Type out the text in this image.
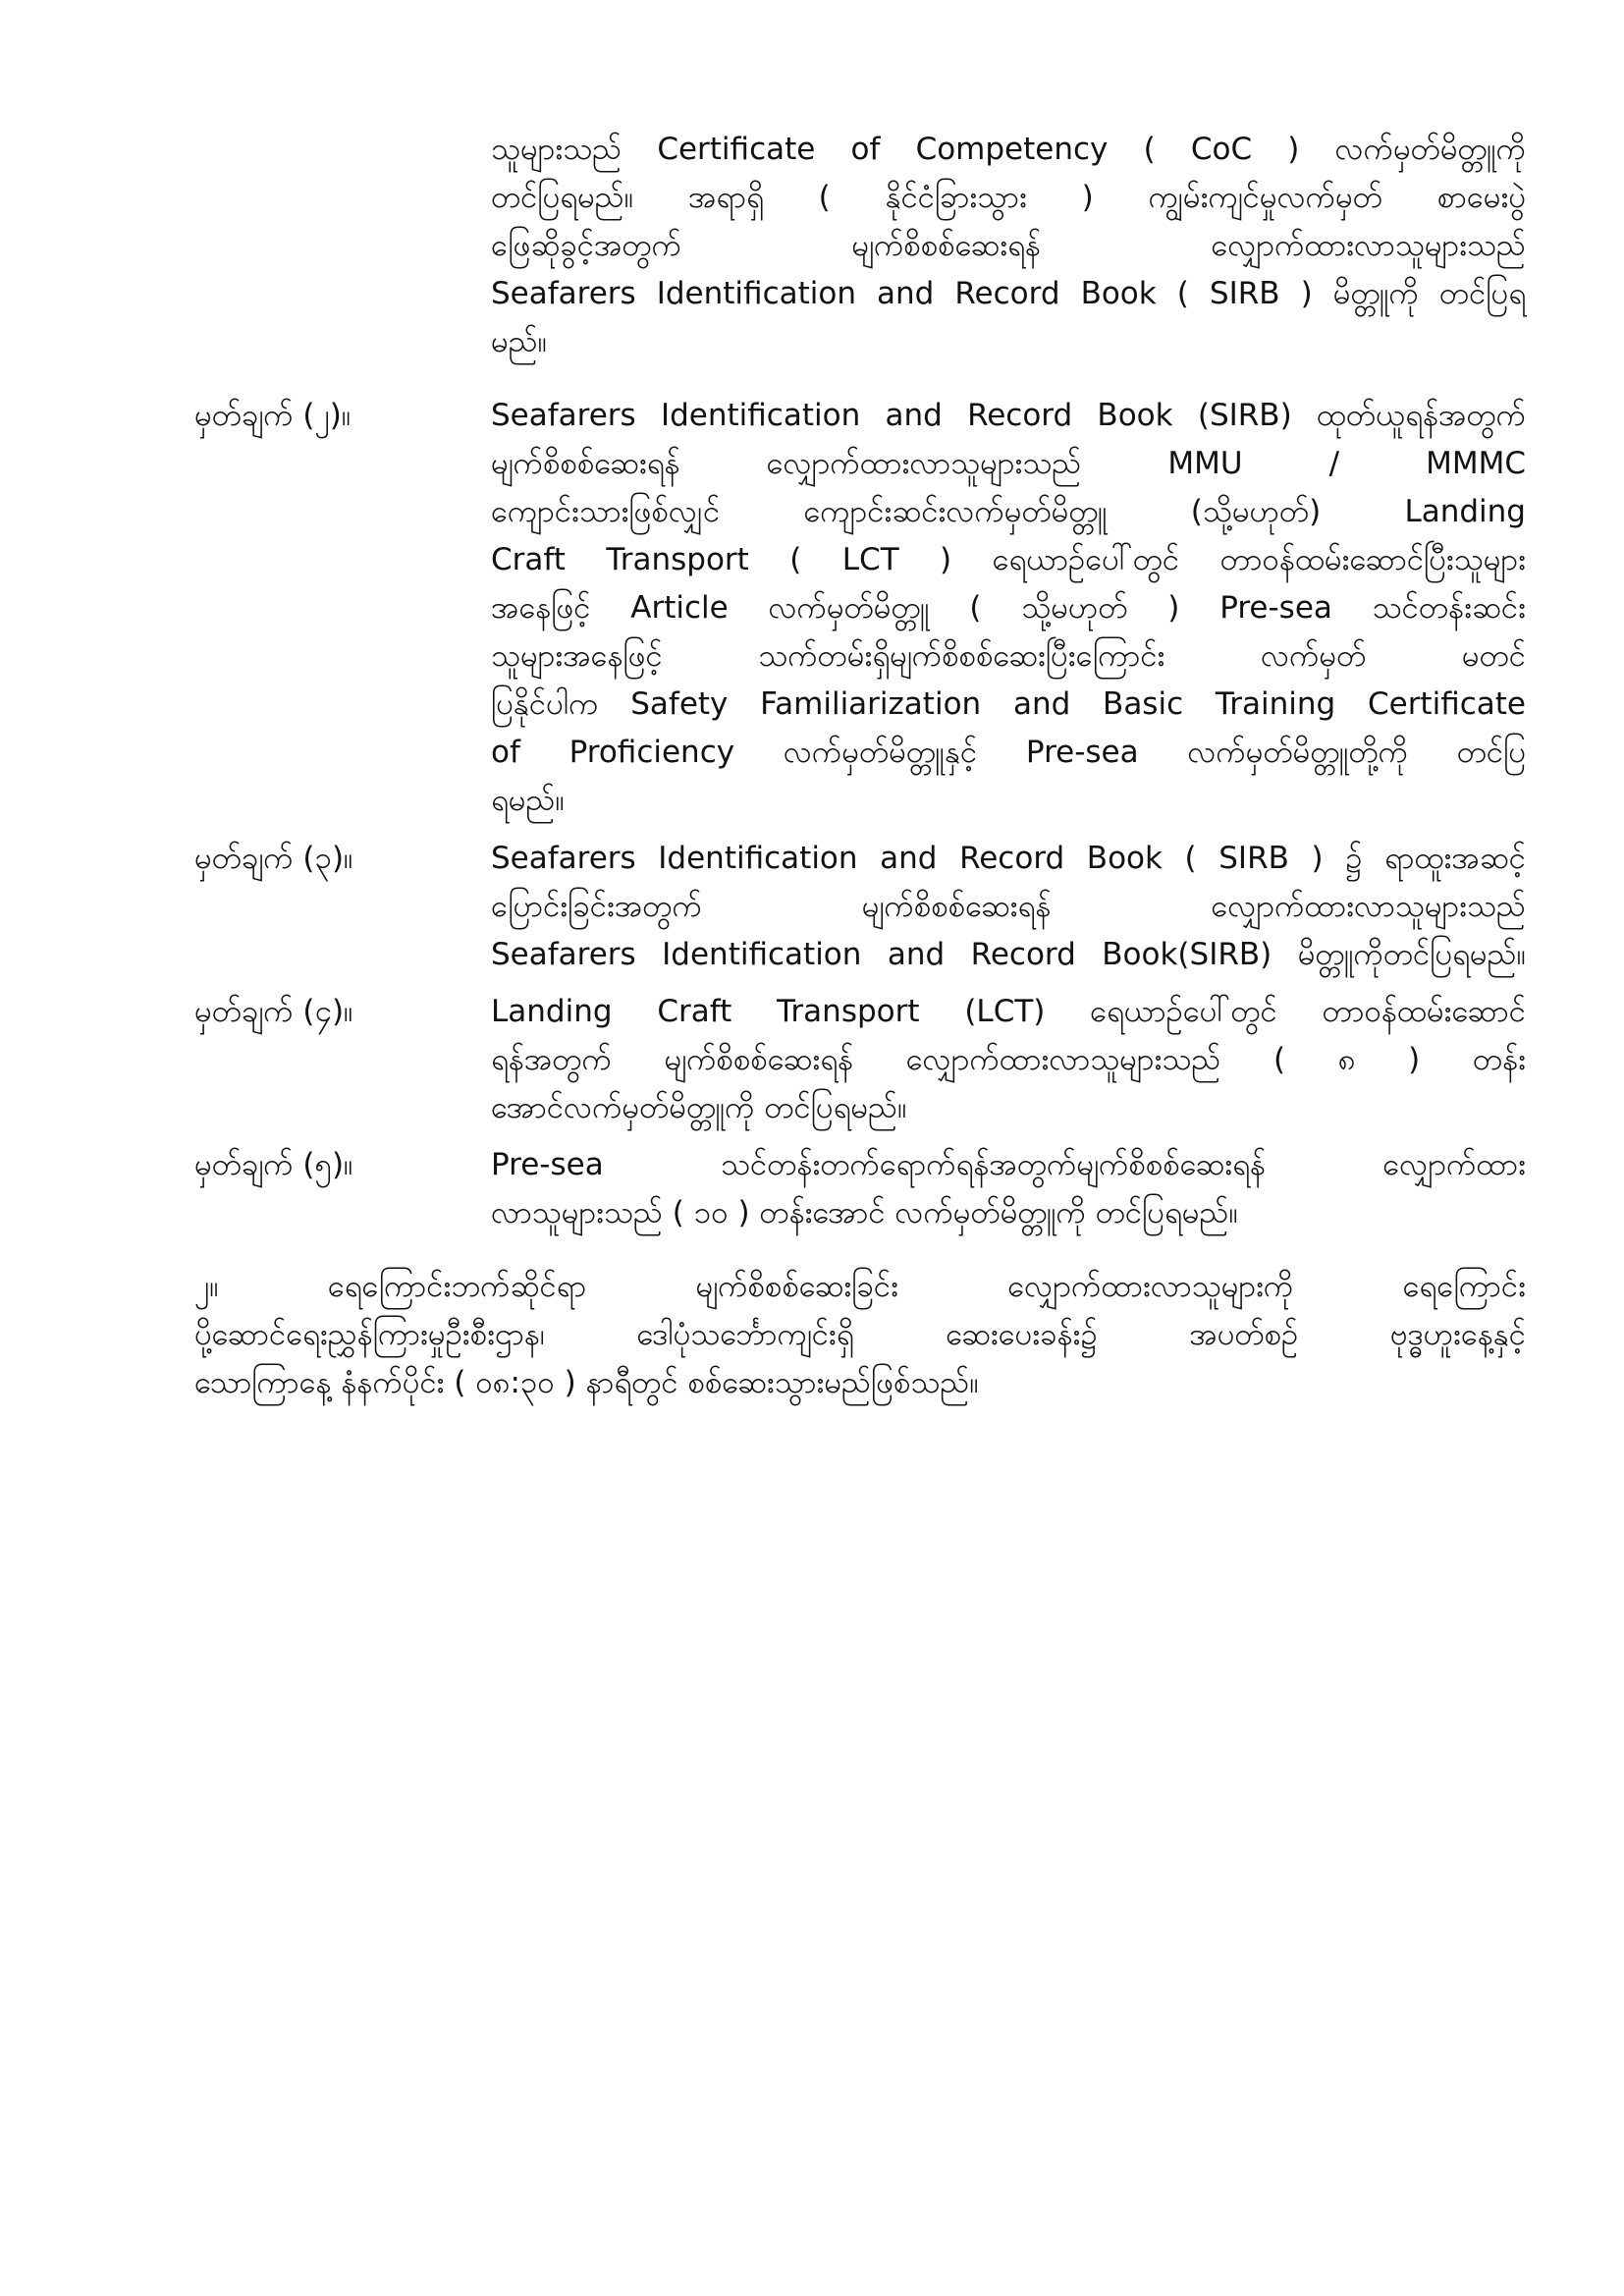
သူများသည် Certificate of Competency ( CoC ) လက်မှတ်မိတ္တူကို
တင်ပြရမည်။ အရာရှိ ( နိုင်ငံခြားသွား ) ကျွမ်းကျင်မှုလက်မှတ် စာမေးပွဲ
ဖြေဆိုခွင့်အတွက် မျက်စိစစ်ဆေးရန် လျှောက်ထားလာသူများသည်
Seafarers Identification and Record Book ( SIRB ) မိတ္တူကို တင်ပြရ
မည်။
မှတ်ချက် (၂)။	Seafarers Identification and Record Book (SIRB) ထုတ်ယူရန်အတွက်
မျက်စိစစ်ဆေးရန် လျှောက်ထားလာသူများသည် MMU / MMMC
ကျောင်းသားဖြစ်လျှင် ကျောင်းဆင်းလက်မှတ်မိတ္တူ (သို့မဟုတ်) Landing
Craft Transport ( LCT ) ရေယာဉ်ပေါ်တွင် တာဝန်ထမ်းဆောင်ပြီးသူများ
အနေဖြင့် Article လက်မှတ်မိတ္တူ ( သို့မဟုတ် ) Pre-sea သင်တန်းဆင်း
သူများအနေဖြင့် သက်တမ်းရှိမျက်စိစစ်ဆေးပြီးကြောင်း လက်မှတ် မတင်
ပြနိုင်ပါက Safety Familiarization and Basic Training Certificate
of Proficiency လက်မှတ်မိတ္တူနှင့် Pre-sea လက်မှတ်မိတ္တူတို့ကို တင်ပြ
ရမည်။
မှတ်ချက် (၃)။	Seafarers Identification and Record Book ( SIRB ) ၌ ရာထူးအဆင့်
ပြောင်းခြင်းအတွက် မျက်စိစစ်ဆေးရန် လျှောက်ထားလာသူများသည်
Seafarers Identification and Record Book(SIRB) မိတ္တူကိုတင်ပြရမည်။
မှတ်ချက် (၄)။	Landing Craft Transport (LCT) ရေယာဉ်ပေါ်တွင် တာဝန်ထမ်းဆောင်
ရန်အတွက် မျက်စိစစ်ဆေးရန် လျှောက်ထားလာသူများသည် ( ၈ ) တန်း
အောင်လက်မှတ်မိတ္တူကို တင်ပြရမည်။
မှတ်ချက် (၅)။	Pre-sea သင်တန်းတက်ရောက်ရန်အတွက်မျက်စိစစ်ဆေးရန် လျှောက်ထား
လာသူများသည် ( ၁၀ ) တန်းအောင် လက်မှတ်မိတ္တူကို တင်ပြရမည်။
၂။ ရေကြောင်းဘက်ဆိုင်ရာ မျက်စိစစ်ဆေးခြင်း လျှောက်ထားလာသူများကို ရေကြောင်း
ပို့ဆောင်ရေးညွှန်ကြားမှုဦးစီးဌာန၊ ဒေါပုံသင်္ဘောကျင်းရှိ ဆေးပေးခန်း၌ အပတ်စဉ် ဗုဒ္ဓဟူးနေ့နှင့်
သောကြာနေ့ နံနက်ပိုင်း ( ၀၈:၃၀ ) နာရီတွင် စစ်ဆေးသွားမည်ဖြစ်သည်။
